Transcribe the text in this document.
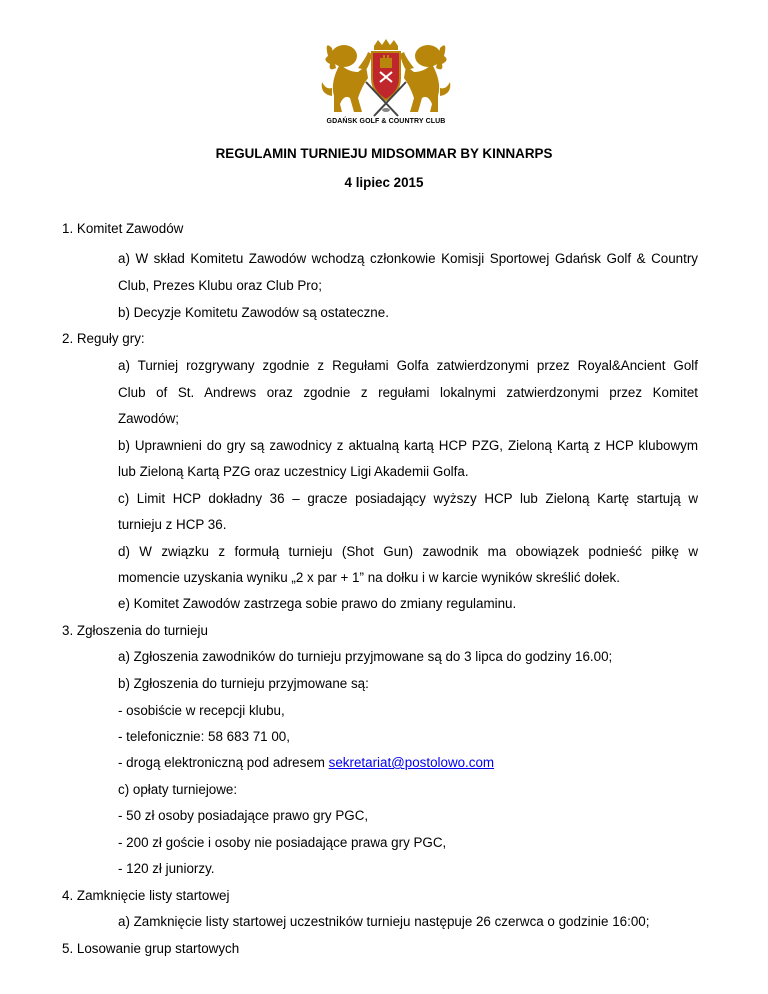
GDAŃSK GOLF & COUNTRY CLUB
REGULAMIN TURNIEJU MIDSOMMAR BY KINNARPS
4 lipiec 2015
1. Komitet Zawodów
a) W skład Komitetu Zawodów wchodzą członkowie Komisji Sportowej Gdańsk Golf & Country
Club, Prezes Klubu oraz Club Pro;
b) Decyzje Komitetu Zawodów są ostateczne.
2. Reguły gry:
a) Turniej rozgrywany zgodnie z Regułami Golfa zatwierdzonymi przez Royal&Ancient Golf
Club of St. Andrews oraz zgodnie z regułami lokalnymi zatwierdzonymi przez Komitet
Zawodów;
b) Uprawnieni do gry są zawodnicy z aktualną kartą HCP PZG, Zieloną Kartą z HCP klubowym
lub Zieloną Kartą PZG oraz uczestnicy Ligi Akademii Golfa.
c) Limit HCP dokładny 36 – gracze posiadający wyższy HCP lub Zieloną Kartę startują w
turnieju z HCP 36.
d) W związku z formułą turnieju (Shot Gun) zawodnik ma obowiązek podnieść piłkę w
momencie uzyskania wyniku „2 x par + 1” na dołku i w karcie wyników skreślić dołek.
e) Komitet Zawodów zastrzega sobie prawo do zmiany regulaminu.
3. Zgłoszenia do turnieju
a) Zgłoszenia zawodników do turnieju przyjmowane są do 3 lipca do godziny 16.00;
b) Zgłoszenia do turnieju przyjmowane są:
- osobiście w recepcji klubu,
- telefonicznie: 58 683 71 00,
- drogą elektroniczną pod adresem sekretariat@postolowo.com
c) opłaty turniejowe:
- 50 zł osoby posiadające prawo gry PGC,
- 200 zł goście i osoby nie posiadające prawa gry PGC,
- 120 zł juniorzy.
4. Zamknięcie listy startowej
a) Zamknięcie listy startowej uczestników turnieju następuje 26 czerwca o godzinie 16:00;
5. Losowanie grup startowych
